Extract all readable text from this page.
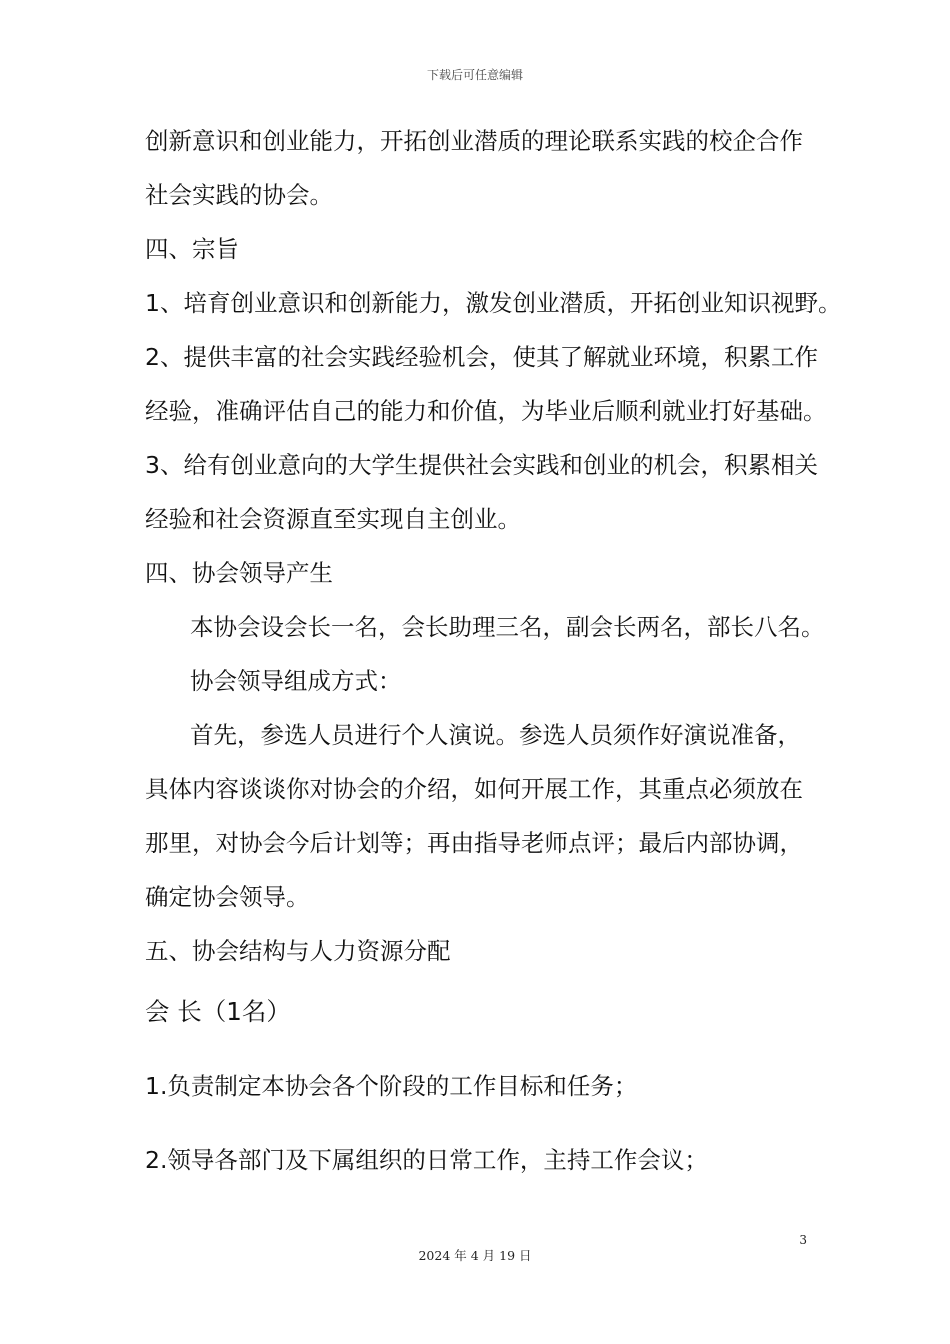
下载后可任意编辑
创新意识和创业能力，开拓创业潜质的理论联系实践的校企合作
社会实践的协会。
四、宗旨
1、培育创业意识和创新能力，激发创业潜质，开拓创业知识视野。
2、提供丰富的社会实践经验机会，使其了解就业环境，积累工作
经验，准确评估自己的能力和价值，为毕业后顺利就业打好基础。
3、给有创业意向的大学生提供社会实践和创业的机会，积累相关
经验和社会资源直至实现自主创业。
四、协会领导产生
本协会设会长一名，会长助理三名，副会长两名，部长八名。
协会领导组成方式：
首先，参选人员进行个人演说。参选人员须作好演说准备，
具体内容谈谈你对协会的介绍，如何开展工作，其重点必须放在
那里，对协会今后计划等；再由指导老师点评；最后内部协调，
确定协会领导。
五、协会结构与人力资源分配
会 长（1名）
1.负责制定本协会各个阶段的工作目标和任务；
2.领导各部门及下属组织的日常工作，主持工作会议；
3
2024 年 4 月 19 日
